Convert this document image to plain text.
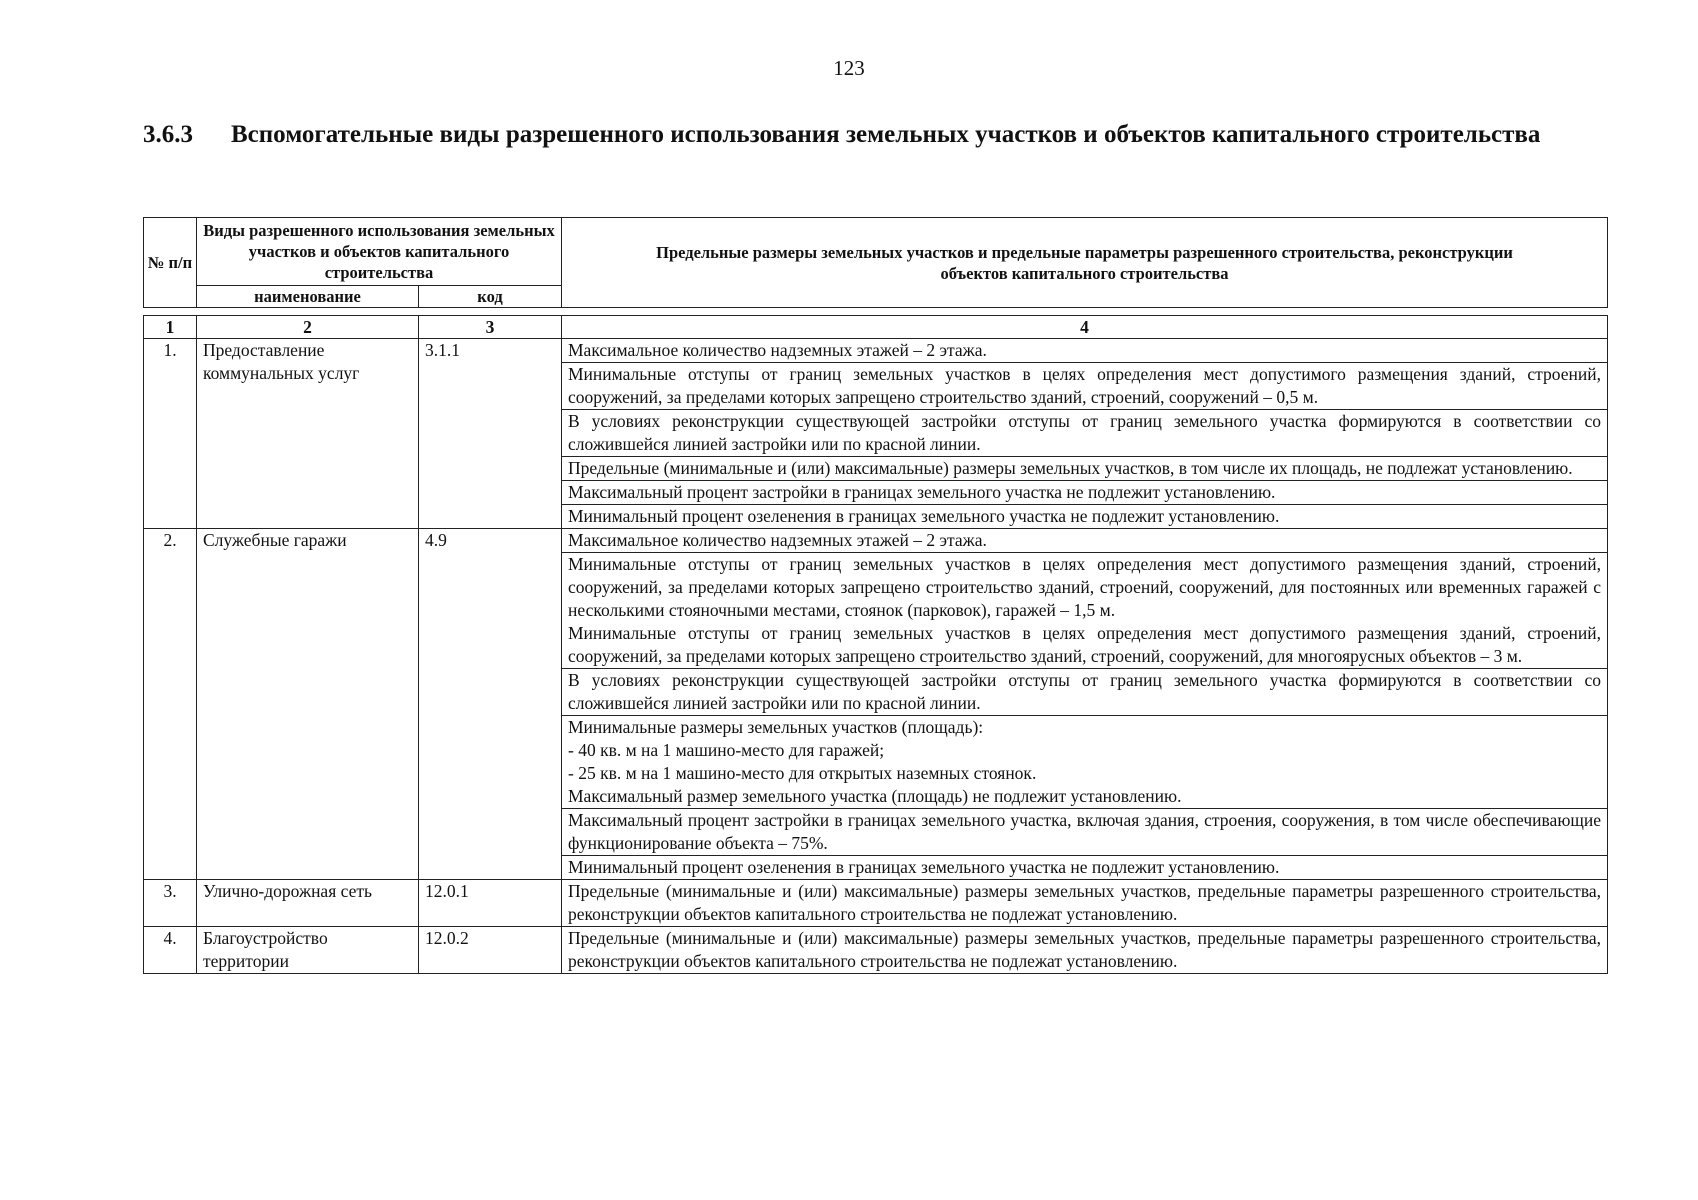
123
3.6.3	Вспомогательные виды разрешенного использования земельных участков и объектов капитального строительства
№ п/п	Виды разрешенного использования земельных участков и объектов капитального строительства		Предельные размеры земельных участков и предельные параметры разрешенного строительства, реконструкции объектов капитального строительства
	наименование	код	
1	2	3	4
1.	Предоставление коммунальных услуг	3.1.1	Максимальное количество надземных этажей – 2 этажа.

			Минимальные отступы от границ земельных участков в целях определения мест допустимого размещения зданий, строений, сооружений, за пределами которых запрещено строительство зданий, строений, сооружений – 0,5 м.

			В условиях реконструкции существующей застройки отступы от границ земельного участка формируются в соответствии со сложившейся линией застройки или по красной линии.

			Предельные (минимальные и (или) максимальные) размеры земельных участков, в том числе их площадь, не подлежат установлению.

			Максимальный процент застройки в границах земельного участка не подлежит установлению.

			Минимальный процент озеленения в границах земельного участка не подлежит установлению.

2.	Служебные гаражи	4.9	Максимальное количество надземных этажей – 2 этажа.

			Минимальные отступы от границ земельных участков в целях определения мест допустимого размещения зданий, строений, сооружений, за пределами которых запрещено строительство зданий, строений, сооружений, для постоянных или временных гаражей с несколькими стояночными местами, стоянок (парковок), гаражей – 1,5 м.
Минимальные отступы от границ земельных участков в целях определения мест допустимого размещения зданий, строений, сооружений, за пределами которых запрещено строительство зданий, строений, сооружений, для многоярусных объектов – 3 м.

			В условиях реконструкции существующей застройки отступы от границ земельного участка формируются в соответствии со сложившейся линией застройки или по красной линии.

			Минимальные размеры земельных участков (площадь):
- 40 кв. м на 1 машино-место для гаражей;
- 25 кв. м на 1 машино-место для открытых наземных стоянок.
Максимальный размер земельного участка (площадь) не подлежит установлению.

			Максимальный процент застройки в границах земельного участка, включая здания, строения, сооружения, в том числе обеспечивающие функционирование объекта – 75%.

			Минимальный процент озеленения в границах земельного участка не подлежит установлению.

3.	Улично-дорожная сеть	12.0.1	Предельные (минимальные и (или) максимальные) размеры земельных участков, предельные параметры разрешенного строительства, реконструкции объектов капитального строительства не подлежат установлению.

4.	Благоустройство территории	12.0.2	Предельные (минимальные и (или) максимальные) размеры земельных участков, предельные параметры разрешенного строительства, реконструкции объектов капитального строительства не подлежат установлению.
